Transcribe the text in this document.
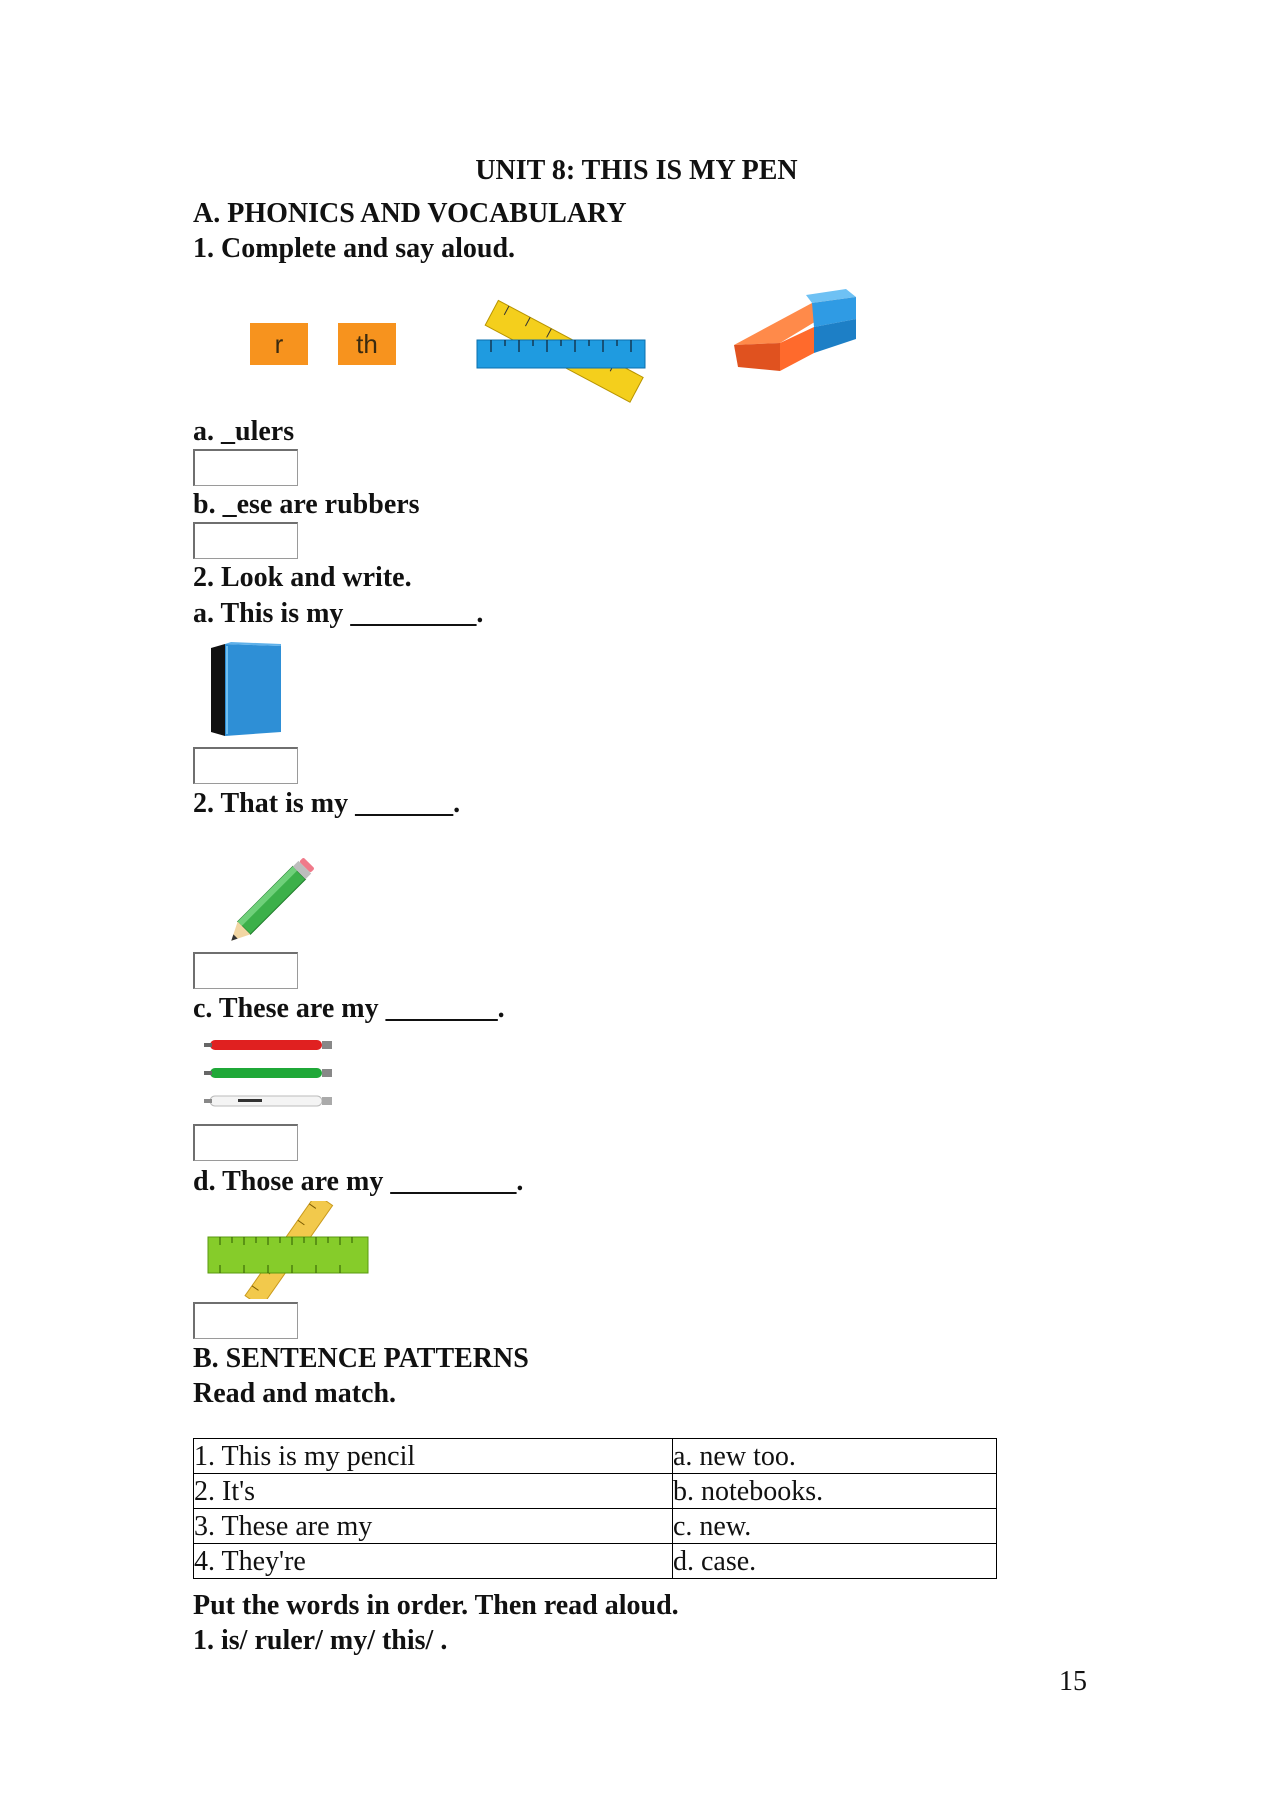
UNIT 8: THIS IS MY PEN
A. PHONICS AND VOCABULARY
1. Complete and say aloud.
r	th
a. _ulers
b. _ese are rubbers
2. Look and write.
a. This is my _________.
2. That is my _______.
c. These are my ________.
d. Those are my _________.
B. SENTENCE PATTERNS
Read and match.
1. This is my pencil	a. new too.
2. It's	b. notebooks.
3. These are my	c. new.
4. They're	d. case.
Put the words in order. Then read aloud.
1. is/ ruler/ my/ this/ .
15
